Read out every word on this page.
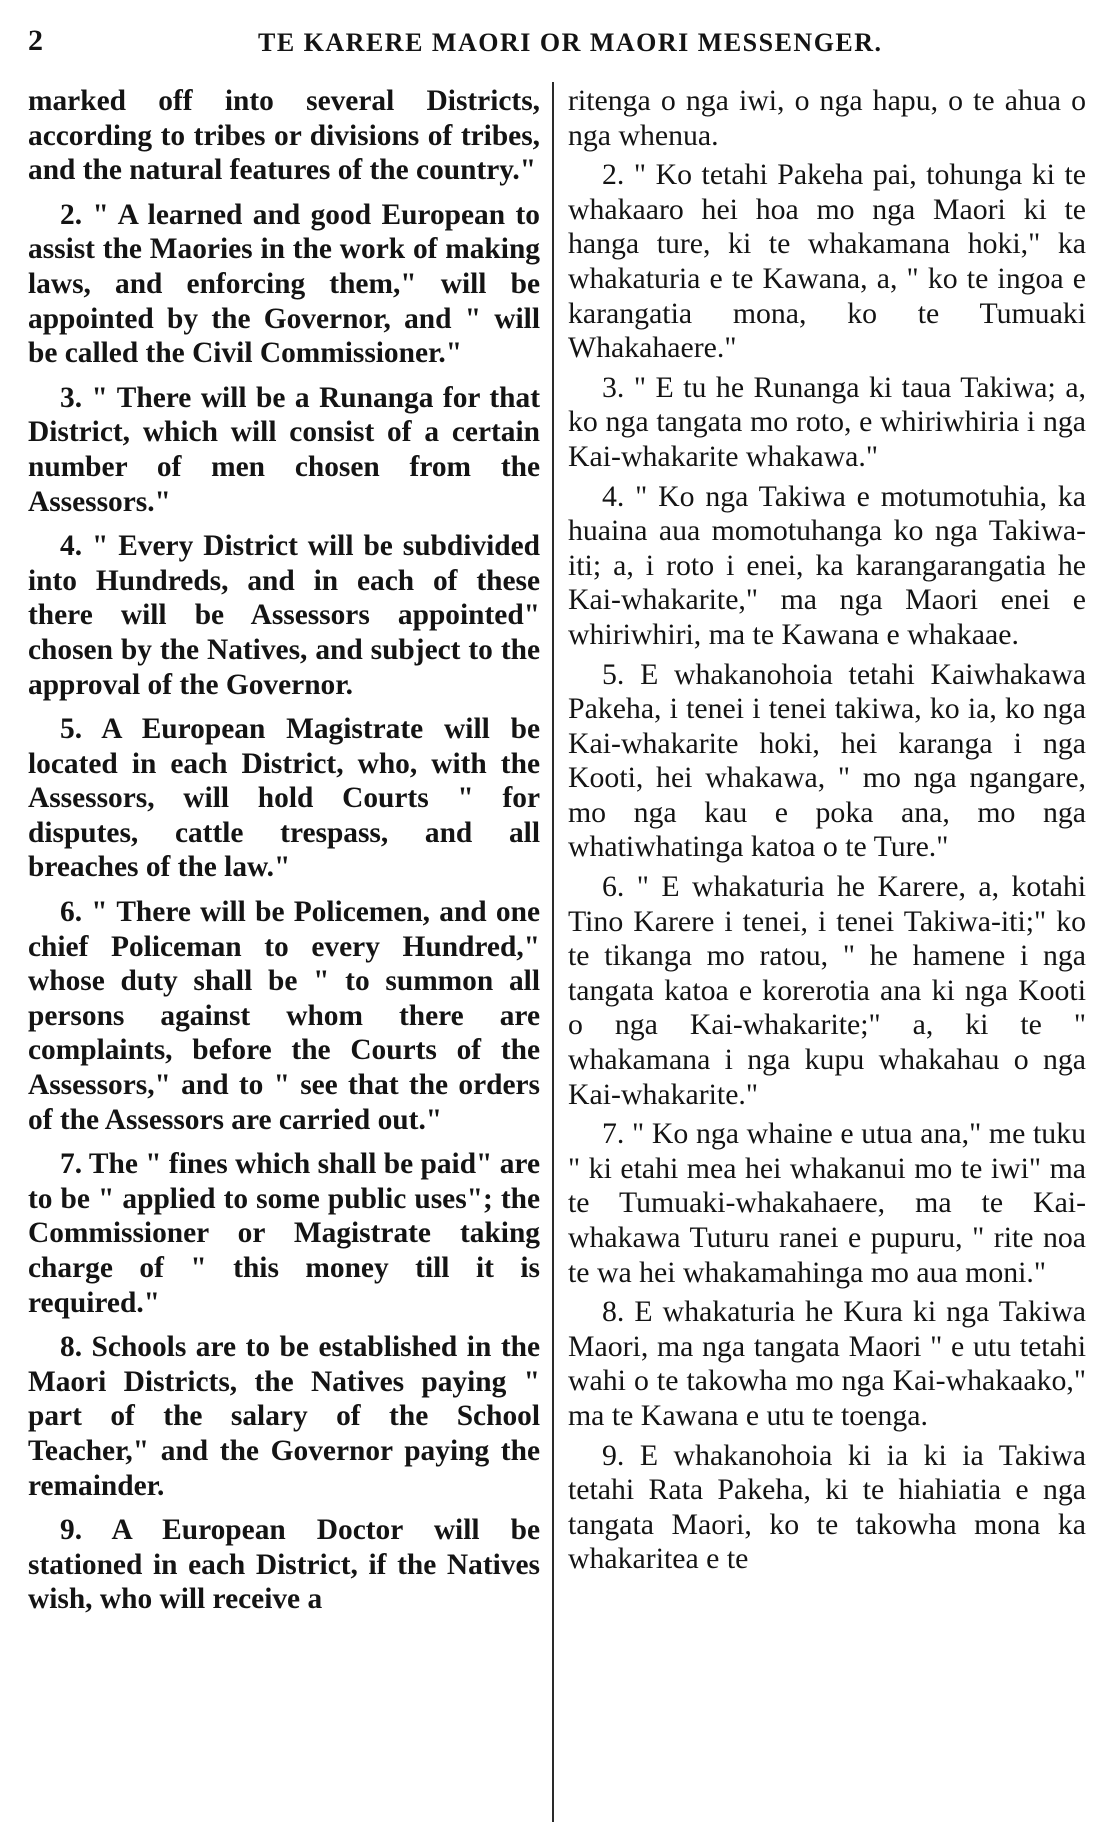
2	TE KARERE MAORI OR MAORI MESSENGER.

marked off into several Districts, according to tribes or divisions of tribes, and the natural features of the country."

2. " A learned and good European to assist the Maories in the work of making laws, and enforcing them," will be appointed by the Governor, and " will be called the Civil Commissioner."

3. " There will be a Runanga for that District, which will consist of a certain number of men chosen from the Assessors."

4. " Every District will be subdivided into Hundreds, and in each of these there will be Assessors appointed" chosen by the Natives, and subject to the approval of the Governor.

5. A European Magistrate will be located in each District, who, with the Assessors, will hold Courts " for disputes, cattle trespass, and all breaches of the law."

6. " There will be Policemen, and one chief Policeman to every Hundred," whose duty shall be " to summon all persons against whom there are complaints, before the Courts of the Assessors," and to " see that the orders of the Assessors are carried out."

7. The " fines which shall be paid" are to be " applied to some public uses"; the Commissioner or Magistrate taking charge of " this money till it is required."

8. Schools are to be established in the Maori Districts, the Natives paying " part of the salary of the School Teacher," and the Governor paying the remainder.

9. A European Doctor will be stationed in each District, if the Natives wish, who will receive a

ritenga o nga iwi, o nga hapu, o te ahua o nga whenua.

2. " Ko tetahi Pakeha pai, tohunga ki te whakaaro hei hoa mo nga Maori ki te hanga ture, ki te whakamana hoki," ka whakaturia e te Kawana, a, " ko te ingoa e karangatia mona, ko te Tumuaki Whakahaere."

3. " E tu he Runanga ki taua Takiwa; a, ko nga tangata mo roto, e whiriwhiria i nga Kai-whakarite whakawa."

4. " Ko nga Takiwa e motumotuhia, ka huaina aua momotuhanga ko nga Takiwa-iti; a, i roto i enei, ka karangarangatia he Kai-whakarite," ma nga Maori enei e whiriwhiri, ma te Kawana e whakaae.

5. E whakanohoia tetahi Kaiwhakawa Pakeha, i tenei i tenei takiwa, ko ia, ko nga Kai-whakarite hoki, hei karanga i nga Kooti, hei whakawa, " mo nga ngangare, mo nga kau e poka ana, mo nga whatiwhatinga katoa o te Ture."

6. " E whakaturia he Karere, a, kotahi Tino Karere i tenei, i tenei Takiwa-iti;" ko te tikanga mo ratou, " he hamene i nga tangata katoa e korerotia ana ki nga Kooti o nga Kai-whakarite;" a, ki te " whakamana i nga kupu whakahau o nga Kai-whakarite."

7. " Ko nga whaine e utua ana," me tuku " ki etahi mea hei whakanui mo te iwi" ma te Tumuaki-whakahaere, ma te Kai-whakawa Tuturu ranei e pupuru, " rite noa te wa hei whakamahinga mo aua moni."

8. E whakaturia he Kura ki nga Takiwa Maori, ma nga tangata Maori " e utu tetahi wahi o te takowha mo nga Kai-whakaako," ma te Kawana e utu te toenga.

9. E whakanohoia ki ia ki ia Takiwa tetahi Rata Pakeha, ki te hiahiatia e nga tangata Maori, ko te takowha mona ka whakaritea e te
